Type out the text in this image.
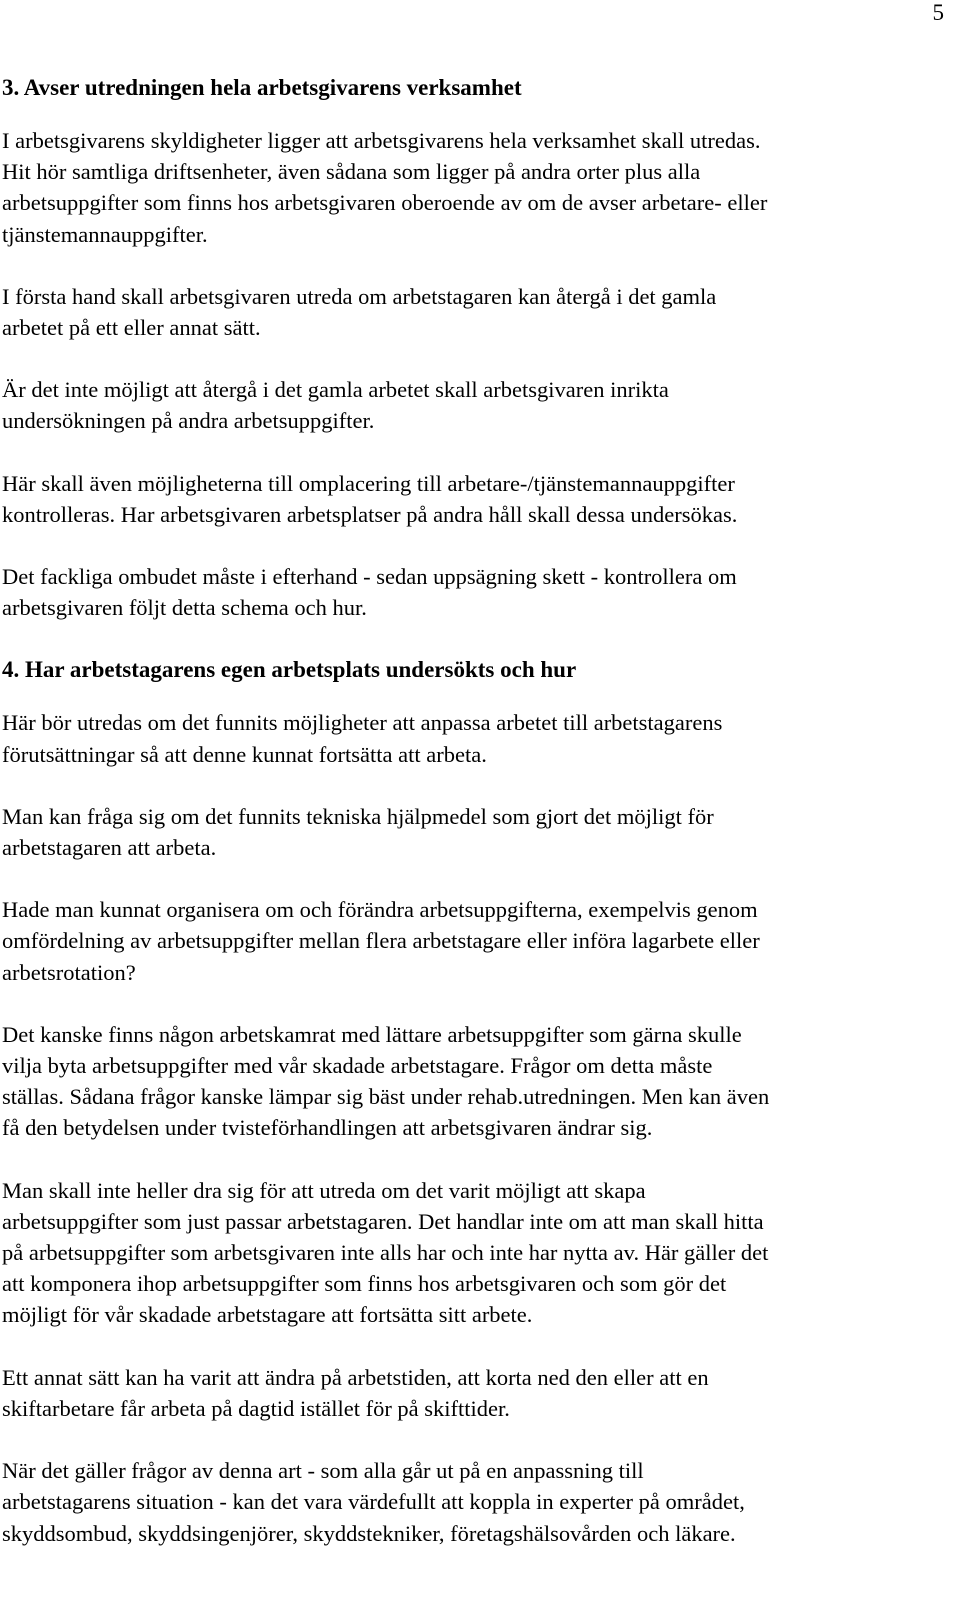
5
3. Avser utredningen hela arbetsgivarens verksamhet

I arbetsgivarens skyldigheter ligger att arbetsgivarens hela verksamhet skall utredas.
Hit hör samtliga driftsenheter, även sådana som ligger på andra orter plus alla
arbetsuppgifter som finns hos arbetsgivaren oberoende av om de avser arbetare- eller
tjänstemannauppgifter.

I första hand skall arbetsgivaren utreda om arbetstagaren kan återgå i det gamla
arbetet på ett eller annat sätt.

Är det inte möjligt att återgå i det gamla arbetet skall arbetsgivaren inrikta
undersökningen på andra arbetsuppgifter.

Här skall även möjligheterna till omplacering till arbetare-/tjänstemannauppgifter
kontrolleras. Har arbetsgivaren arbetsplatser på andra håll skall dessa undersökas.

Det fackliga ombudet måste i efterhand - sedan uppsägning skett - kontrollera om
arbetsgivaren följt detta schema och hur.

4. Har arbetstagarens egen arbetsplats undersökts och hur

Här bör utredas om det funnits möjligheter att anpassa arbetet till arbetstagarens
förutsättningar så att denne kunnat fortsätta att arbeta.

Man kan fråga sig om det funnits tekniska hjälpmedel som gjort det möjligt för
arbetstagaren att arbeta.

Hade man kunnat organisera om och förändra arbetsuppgifterna, exempelvis genom
omfördelning av arbetsuppgifter mellan flera arbetstagare eller införa lagarbete eller
arbetsrotation?

Det kanske finns någon arbetskamrat med lättare arbetsuppgifter som gärna skulle
vilja byta arbetsuppgifter med vår skadade arbetstagare. Frågor om detta måste
ställas. Sådana frågor kanske lämpar sig bäst under rehab.utredningen. Men kan även
få den betydelsen under tvisteförhandlingen att arbetsgivaren ändrar sig.

Man skall inte heller dra sig för att utreda om det varit möjligt att skapa
arbetsuppgifter som just passar arbetstagaren. Det handlar inte om att man skall hitta
på arbetsuppgifter som arbetsgivaren inte alls har och inte har nytta av. Här gäller det
att komponera ihop arbetsuppgifter som finns hos arbetsgivaren och som gör det
möjligt för vår skadade arbetstagare att fortsätta sitt arbete.

Ett annat sätt kan ha varit att ändra på arbetstiden, att korta ned den eller att en
skiftarbetare får arbeta på dagtid istället för på skifttider.

När det gäller frågor av denna art - som alla går ut på en anpassning till
arbetstagarens situation - kan det vara värdefullt att koppla in experter på området,
skyddsombud, skyddsingenjörer, skyddstekniker, företagshälsovården och läkare.
